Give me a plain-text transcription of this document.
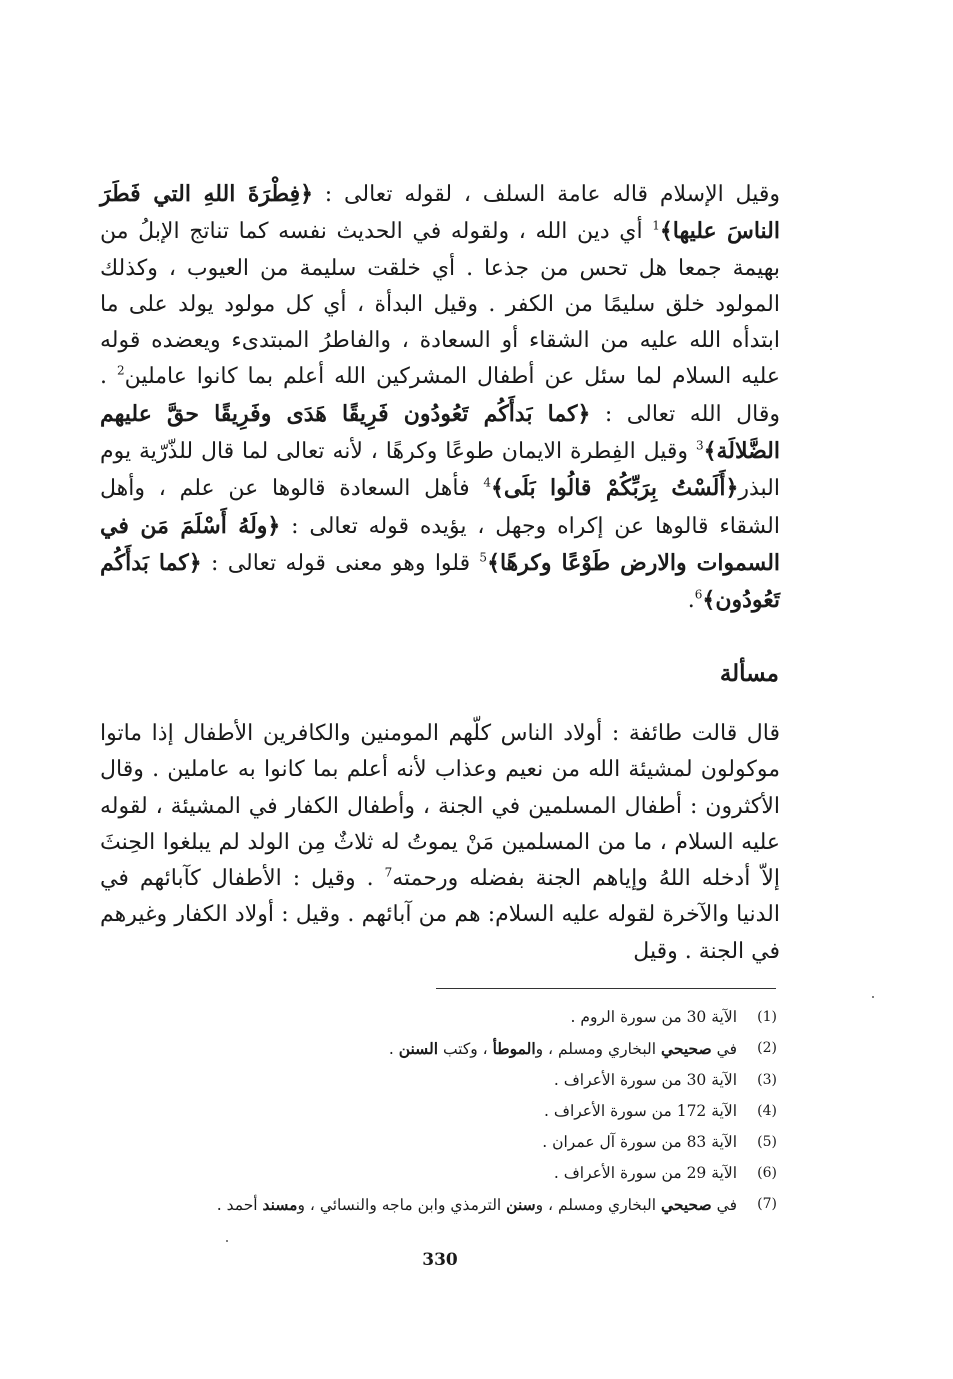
وقيل الإسلام قاله عامة السلف ، لقوله تعالى : ﴿فِطْرَةَ اللهِ التي فَطَرَ الناسَ عليها﴾$^1$ أي دين الله ، ولقوله في الحديث نفسه كما تناتج الإبلُ من بهيمة جمعا هل تحس من جذعا . أي خلقت سليمة من العيوب ، وكذلك المولود خلق سليمًا من الكفر . وقيل البدأة ، أي كل مولود يولد على ما ابتدأه الله عليه من الشقاء أو السعادة ، والفاطرُ المبتدىء ويعضده قوله عليه السلام لما سئل عن أطفال المشركين الله أعلم بما كانوا عاملين$^2$ . وقال الله تعالى : ﴿كما بَدأَكُم تَعُودُون فَرِيقًا هَدَى وفَرِيقًا حقَّ عليهم الضَّلالَة﴾$^3$ وقيل الفِطرة الايمان طوعًا وكرهًا ، لأنه تعالى لما قال للذّرّية يوم البذر﴿أَلَسْتُ بِرَبِّكُمْ قالُوا بَلَى﴾$^4$ فأهل السعادة قالوها عن علم ، وأهل الشقاء قالوها عن إكراه وجهل ، يؤيده قوله تعالى : ﴿ولَهُ أَسْلَمَ مَن في السموات والارض طَوْعًا وكرهًا﴾$^5$ قلوا وهو معنى قوله تعالى : ﴿كما بَدأَكُم تَعُودُون﴾$^6$.

مسألة

قال قالت طائفة : أولاد الناس كلّهم المومنين والكافرين الأطفال إذا ماتوا موكولون لمشيئة الله من نعيم وعذاب لأنه أعلم بما كانوا به عاملين . وقال الأكثرون : أطفال المسلمين في الجنة ، وأطفال الكفار في المشيئة ، لقوله عليه السلام ، ما من المسلمين مَنْ يموتُ له ثلاثٌ مِن الولد لم يبلغوا الحِنثَ إلاّ أدخله اللهُ وإياهم الجنة بفضله ورحمته$^7$ . وقيل : الأطفال كآبائهم في الدنيا والآخرة لقوله عليه السلام: هم من آبائهم . وقيل : أولاد الكفار وغيرهم في الجنة . وقيل

(1)
الآية 30 من سورة الروم .
(2)
في صحيحي البخاري ومسلم ، والموطأ ، وكتب السنن .
(3)
الآية 30 من سورة الأعراف .
(4)
الآية 172 من سورة الأعراف .
(5)
الآية 83 من سورة آل عمران .
(6)
الآية 29 من سورة الأعراف .
(7)
في صحيحي البخاري ومسلم ، وسنن الترمذي وابن ماجه والنسائي ، ومسند أحمد .
330
